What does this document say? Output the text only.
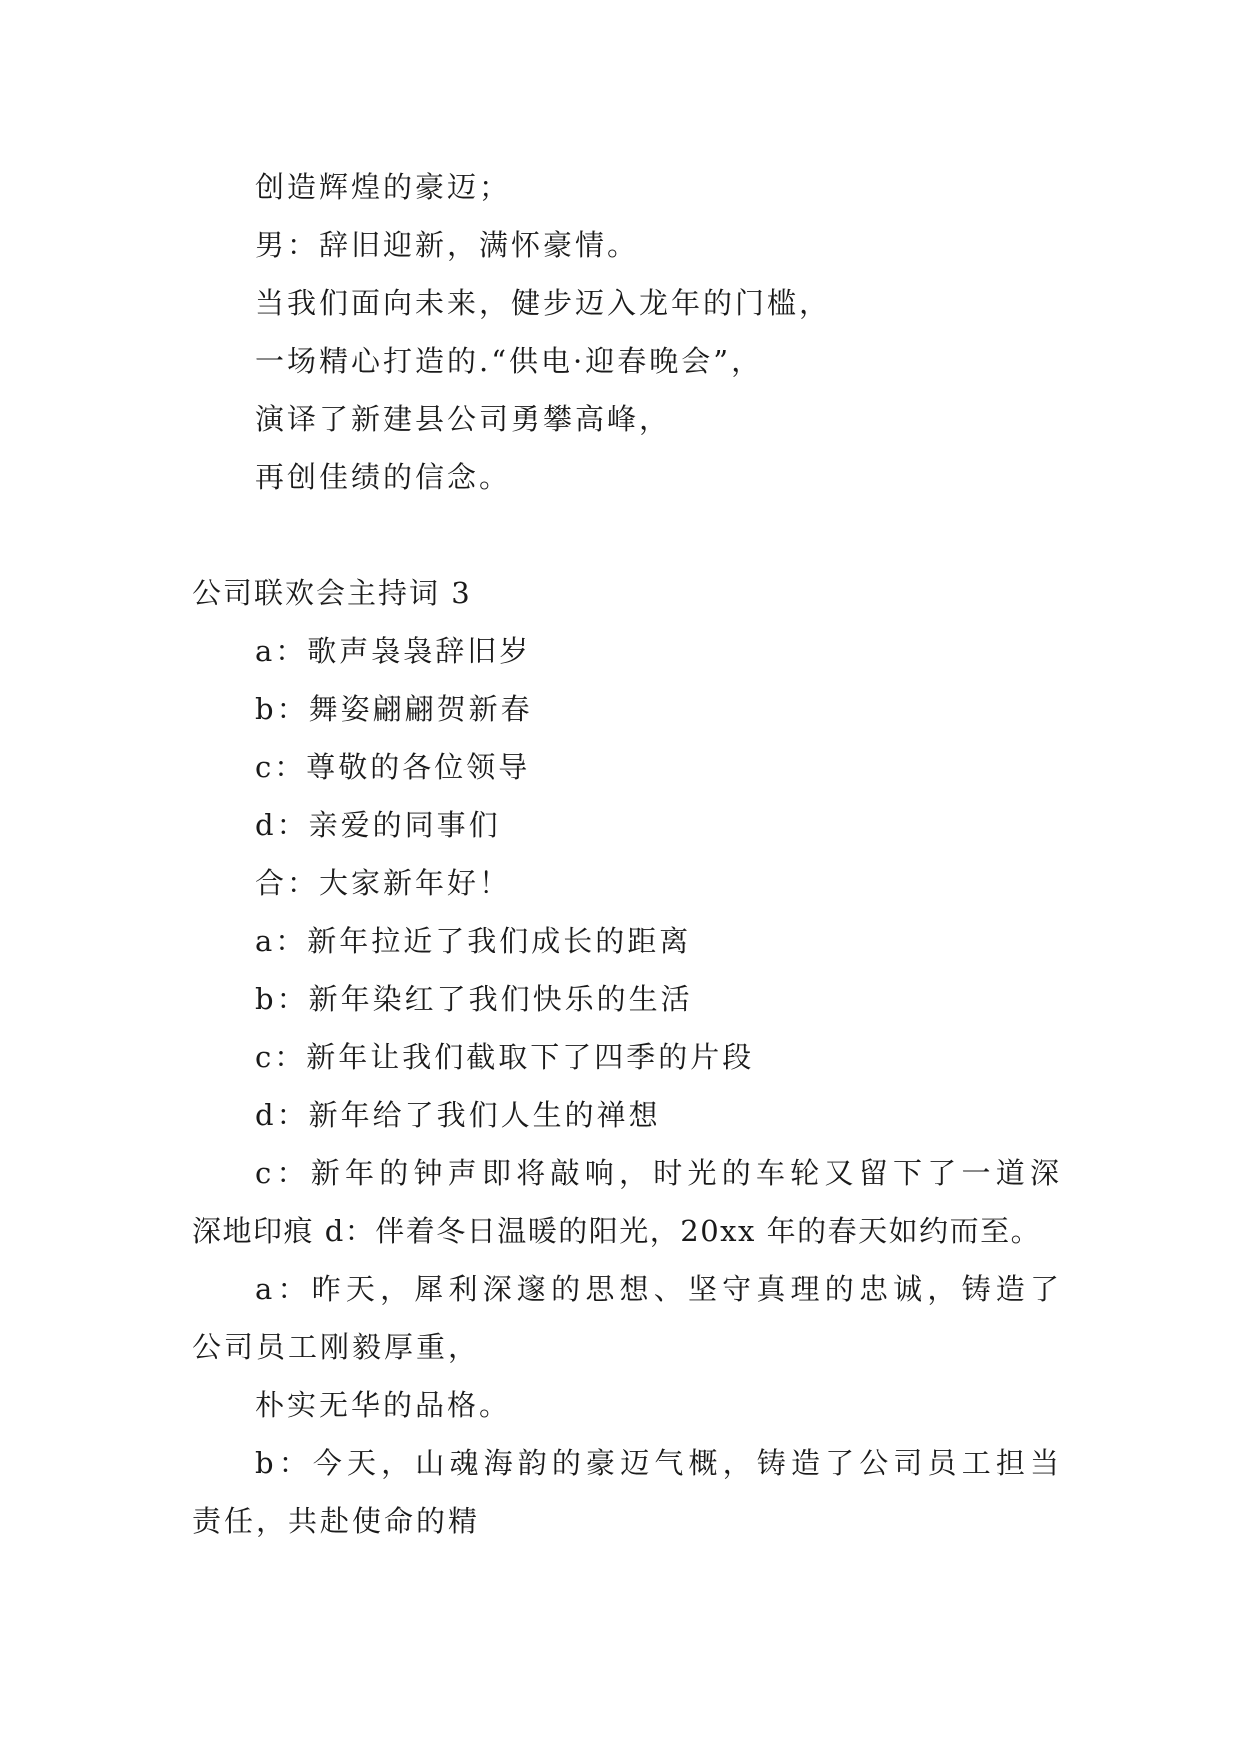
创造辉煌的豪迈；
男：辞旧迎新，满怀豪情。
当我们面向未来，健步迈入龙年的门槛，
一场精心打造的.“供电·迎春晚会”，
演译了新建县公司勇攀高峰，
再创佳绩的信念。
公司联欢会主持词 3
a：歌声袅袅辞旧岁
b：舞姿翩翩贺新春
c：尊敬的各位领导
d：亲爱的同事们
合：大家新年好！
a：新年拉近了我们成长的距离
b：新年染红了我们快乐的生活
c：新年让我们截取下了四季的片段
d：新年给了我们人生的禅想
c：新年的钟声即将敲响，时光的车轮又留下了一道深
深地印痕 d：伴着冬日温暖的阳光，20xx 年的春天如约而至。
a：昨天，犀利深邃的思想、坚守真理的忠诚，铸造了
公司员工刚毅厚重，
朴实无华的品格。
b：今天，山魂海韵的豪迈气概，铸造了公司员工担当
责任，共赴使命的精
